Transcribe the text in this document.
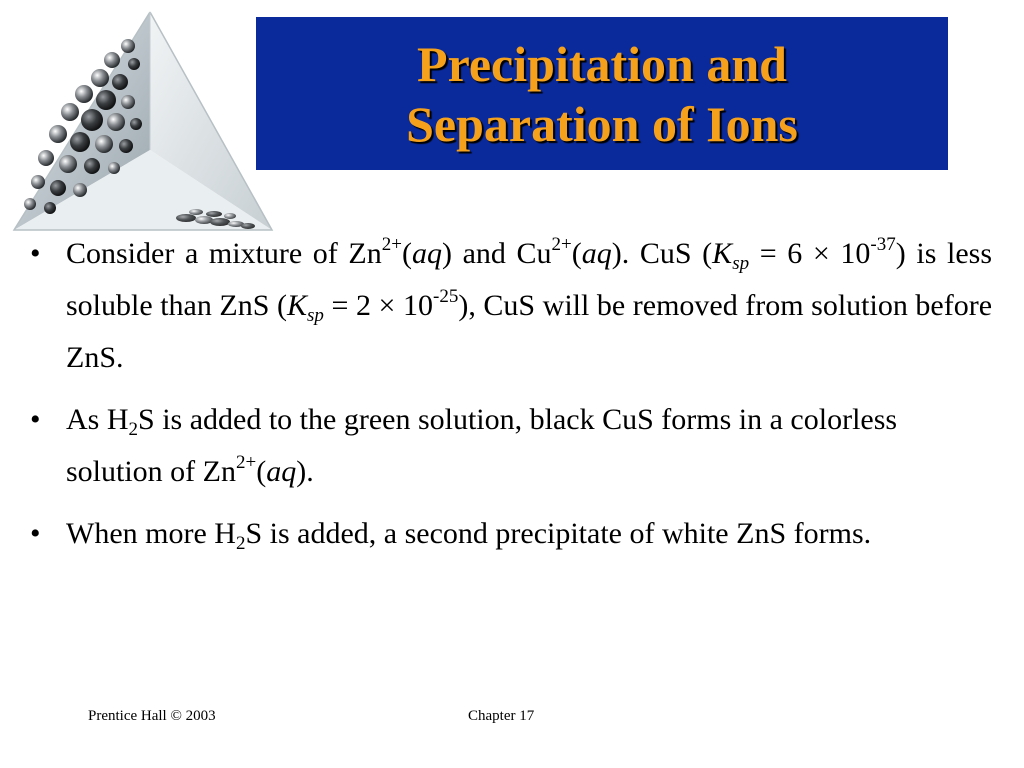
Precipitation and
Separation of Ions
• Consider a mixture of $Zn^{2+}(aq)$ and $Cu^{2+}(aq)$. CuS $(K_{sp} = 6 \times 10^{-37})$ is less soluble than ZnS $(K_{sp} = 2 \times 10^{-25})$, CuS will be removed from solution before ZnS.
• As $H_2S$ is added to the green solution, black CuS forms in a colorless solution of $Zn^{2+}(aq)$.
• When more $H_2S$ is added, a second precipitate of white ZnS forms.
Prentice Hall © 2003	Chapter 17
